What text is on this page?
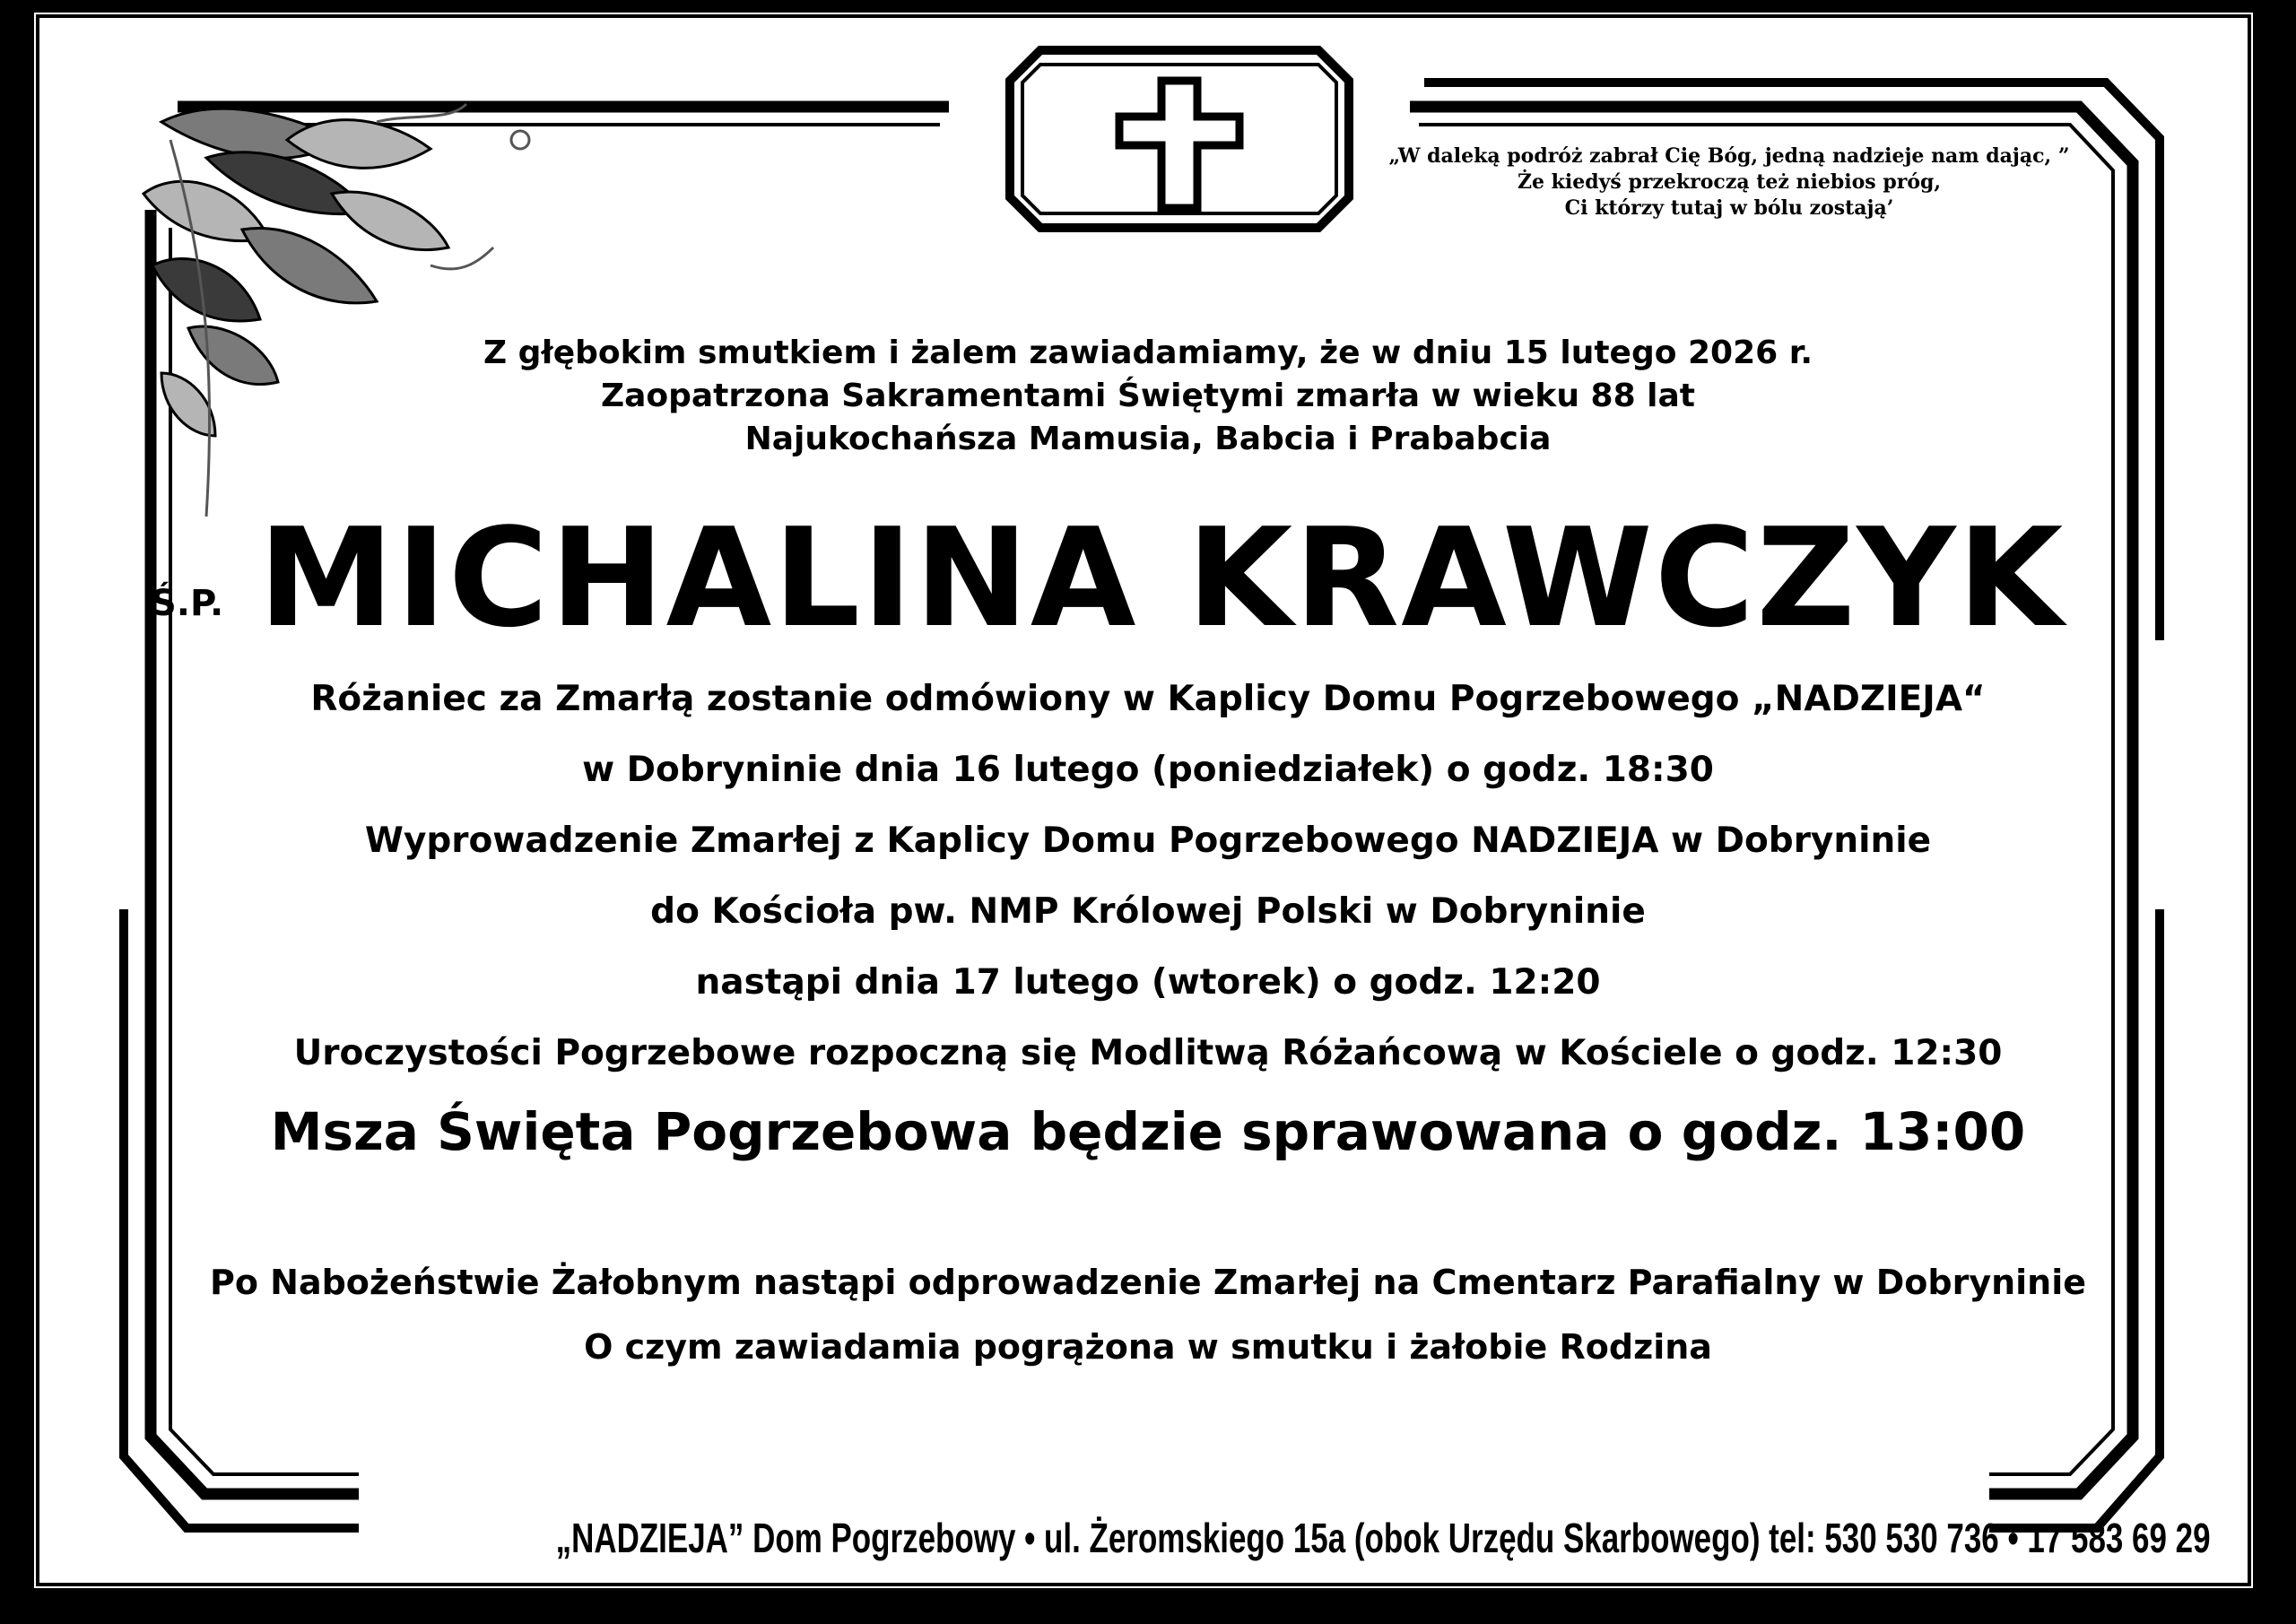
„W daleką podróż zabrał Cię Bóg, jedną nadzieje nam dając, ”
Że kiedyś przekroczą też niebios próg,
Ci którzy tutaj w bólu zostają’
Z głębokim smutkiem i żalem zawiadamiamy, że w dniu 15 lutego 2026 r.
Zaopatrzona Sakramentami Świętymi zmarła w wieku 88 lat
Najukochańsza Mamusia, Babcia i Prababcia
Ś.P. MICHALINA KRAWCZYK
Różaniec za Zmarłą zostanie odmówiony w Kaplicy Domu Pogrzebowego „NADZIEJA“
w Dobryninie dnia 16 lutego (poniedziałek) o godz. 18:30
Wyprowadzenie Zmarłej z Kaplicy Domu Pogrzebowego NADZIEJA w Dobryninie
do Kościoła pw. NMP Królowej Polski w Dobryninie
nastąpi dnia 17 lutego (wtorek) o godz. 12:20
Uroczystości Pogrzebowe rozpoczną się Modlitwą Różańcową w Kościele o godz. 12:30
Msza Święta Pogrzebowa będzie sprawowana o godz. 13:00
Po Nabożeństwie Żałobnym nastąpi odprowadzenie Zmarłej na Cmentarz Parafialny w Dobryninie
O czym zawiadamia pogrążona w smutku i żałobie Rodzina
„NADZIEJA” Dom Pogrzebowy • ul. Żeromskiego 15a (obok Urzędu Skarbowego) tel: 530 530 736 • 17 583 69 29
